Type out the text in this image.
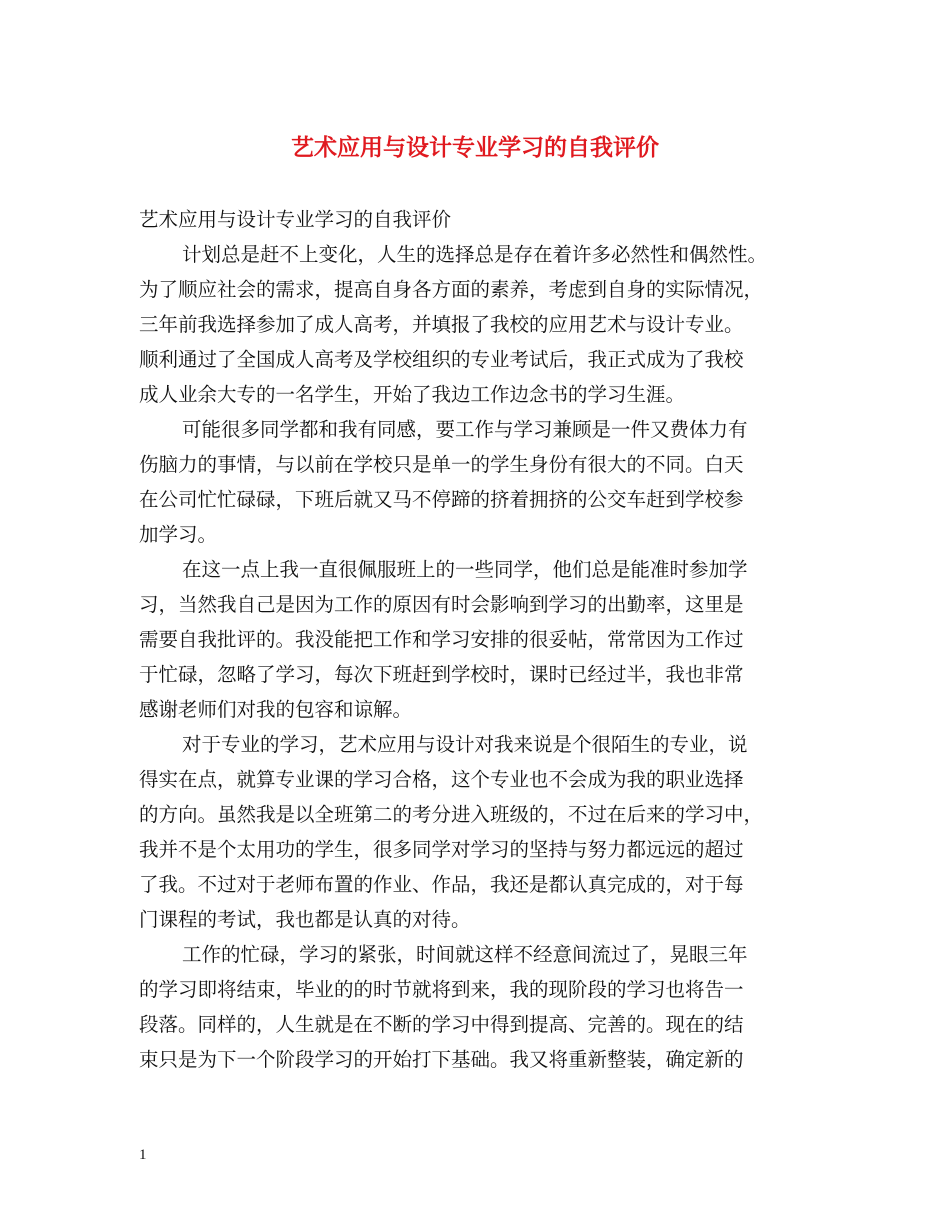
艺术应用与设计专业学习的自我评价
艺术应用与设计专业学习的自我评价
计划总是赶不上变化，人生的选择总是存在着许多必然性和偶然性。
为了顺应社会的需求，提高自身各方面的素养，考虑到自身的实际情况，
三年前我选择参加了成人高考，并填报了我校的应用艺术与设计专业。
顺利通过了全国成人高考及学校组织的专业考试后，我正式成为了我校
成人业余大专的一名学生，开始了我边工作边念书的学习生涯。
可能很多同学都和我有同感，要工作与学习兼顾是一件又费体力有
伤脑力的事情，与以前在学校只是单一的学生身份有很大的不同。白天
在公司忙忙碌碌，下班后就又马不停蹄的挤着拥挤的公交车赶到学校参
加学习。
在这一点上我一直很佩服班上的一些同学，他们总是能准时参加学
习，当然我自己是因为工作的原因有时会影响到学习的出勤率，这里是
需要自我批评的。我没能把工作和学习安排的很妥帖，常常因为工作过
于忙碌，忽略了学习，每次下班赶到学校时，课时已经过半，我也非常
感谢老师们对我的包容和谅解。
对于专业的学习，艺术应用与设计对我来说是个很陌生的专业，说
得实在点，就算专业课的学习合格，这个专业也不会成为我的职业选择
的方向。虽然我是以全班第二的考分进入班级的，不过在后来的学习中，
我并不是个太用功的学生，很多同学对学习的坚持与努力都远远的超过
了我。不过对于老师布置的作业、作品，我还是都认真完成的，对于每
门课程的考试，我也都是认真的对待。
工作的忙碌，学习的紧张，时间就这样不经意间流过了，晃眼三年
的学习即将结束，毕业的的时节就将到来，我的现阶段的学习也将告一
段落。同样的，人生就是在不断的学习中得到提高、完善的。现在的结
束只是为下一个阶段学习的开始打下基础。我又将重新整装，确定新的
1
